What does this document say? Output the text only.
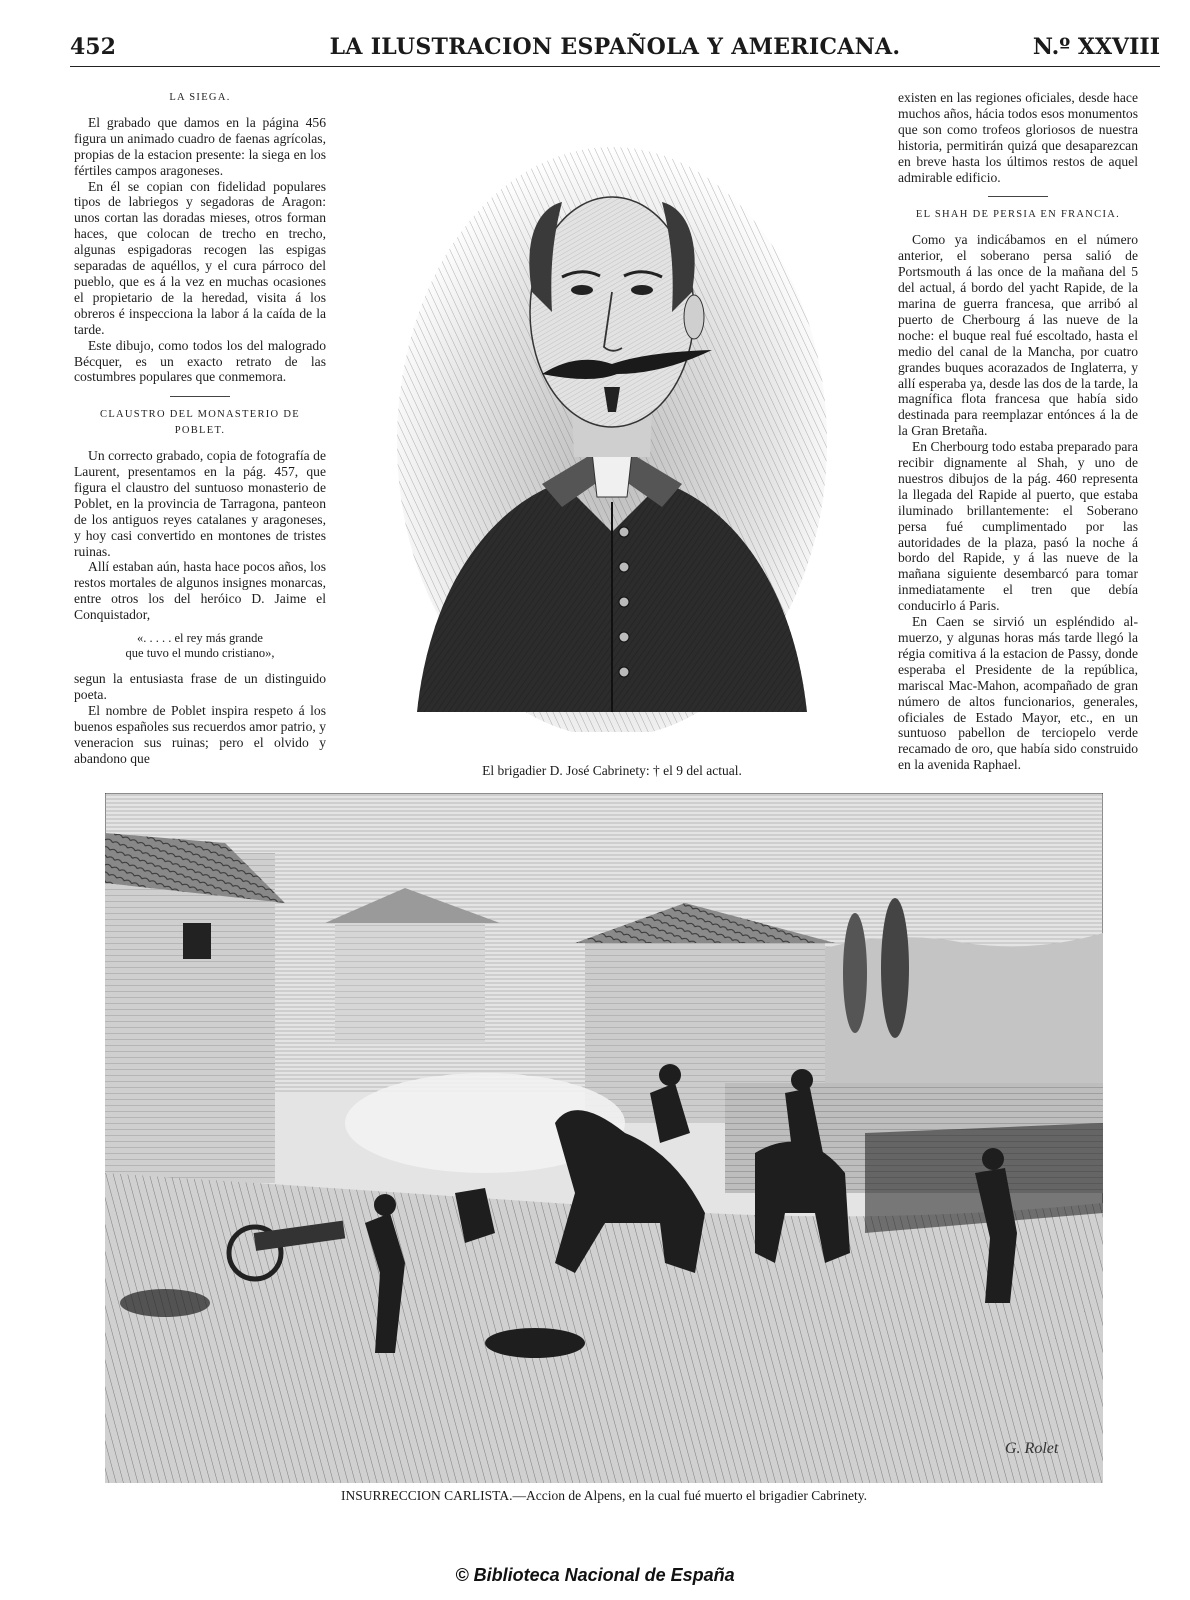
452	LA ILUSTRACION ESPAÑOLA Y AMERICANA.	N.º XXVIII
LA SIEGA.

El grabado que damos en la página 456 figura un animado cuadro de faenas agrícolas, propias de la estacion presente: la siega en los fértiles campos aragoneses.

En él se copian con fidelidad populares tipos de labriegos y segadoras de Aragon: unos cortan las doradas mieses, otros forman haces, que colocan de trecho en trecho, algunas espigadoras recogen las espigas separadas de aquéllos, y el cura párroco del pueblo, que es á la vez en muchas ocasiones el propietario de la heredad, visita á los obreros é inspecciona la labor á la caída de la tarde.

Este dibujo, como todos los del malogrado Bécquer, es un exacto retrato de las costumbres populares que conmemora.

CLAUSTRO DEL MONASTERIO DE POBLET.

Un correcto grabado, copia de fotografía de Laurent, presentamos en la pág. 457, que figura el claustro del suntuoso monasterio de Poblet, en la provincia de Tarragona, panteon de los antiguos reyes catalanes y aragoneses, y hoy casi convertido en montones de tristes ruinas.

Allí estaban aún, hasta hace pocos años, los restos mortales de algunos insignes monarcas, entre otros los del heróico D. Jaime el Conquistador,

«. . . . . el rey más grande
que tuvo el mundo cristiano»,

segun la entusiasta frase de un distinguido poeta.

El nombre de Poblet inspira respeto á los buenos españoles sus recuerdos amor patrio, y veneracion sus ruinas; pero el olvido y abandono que

El brigadier D. José Cabrinety: † el 9 del actual.

existen en las regiones oficiales, desde hace muchos años, hácia todos esos monumentos que son como trofeos gloriosos de nuestra historia, permitirán quizá que desaparezcan en breve hasta los últimos restos de aquel admirable edificio.

EL SHAH DE PERSIA EN FRANCIA.

Como ya indicábamos en el número anterior, el soberano persa salió de Portsmouth á las once de la mañana del 5 del actual, á bordo del yacht Rapide, de la marina de guerra francesa, que arribó al puerto de Cherbourg á las nueve de la noche: el buque real fué escoltado, hasta el medio del canal de la Mancha, por cuatro grandes buques acorazados de Inglaterra, y allí esperaba ya, desde las dos de la tarde, la magnífica flota francesa que había sido destinada para reemplazar entónces á la de la Gran Bretaña.

En Cherbourg todo estaba preparado para recibir dignamente al Shah, y uno de nuestros dibujos de la pág. 460 representa la llegada del Rapide al puerto, que estaba iluminado brillantemente: el Soberano persa fué cumplimentado por las autoridades de la plaza, pasó la noche á bordo del Rapide, y á las nueve de la mañana siguiente desembarcó para tomar inmediatamente el tren que debía conducirlo á Paris.

En Caen se sirvió un espléndido almuerzo, y algunas horas más tarde llegó la régia comitiva á la estacion de Passy, donde esperaba el Presidente de la república, mariscal Mac-Mahon, acompañado de gran número de altos funcionarios, generales, oficiales de Estado Mayor, etc., en un suntuoso pabellon de terciopelo verde recamado de oro, que había sido construido en la avenida Raphael.

G. Rolet
INSURRECCION CARLISTA.—Accion de Alpens, en la cual fué muerto el brigadier Cabrinety.
© Biblioteca Nacional de España
